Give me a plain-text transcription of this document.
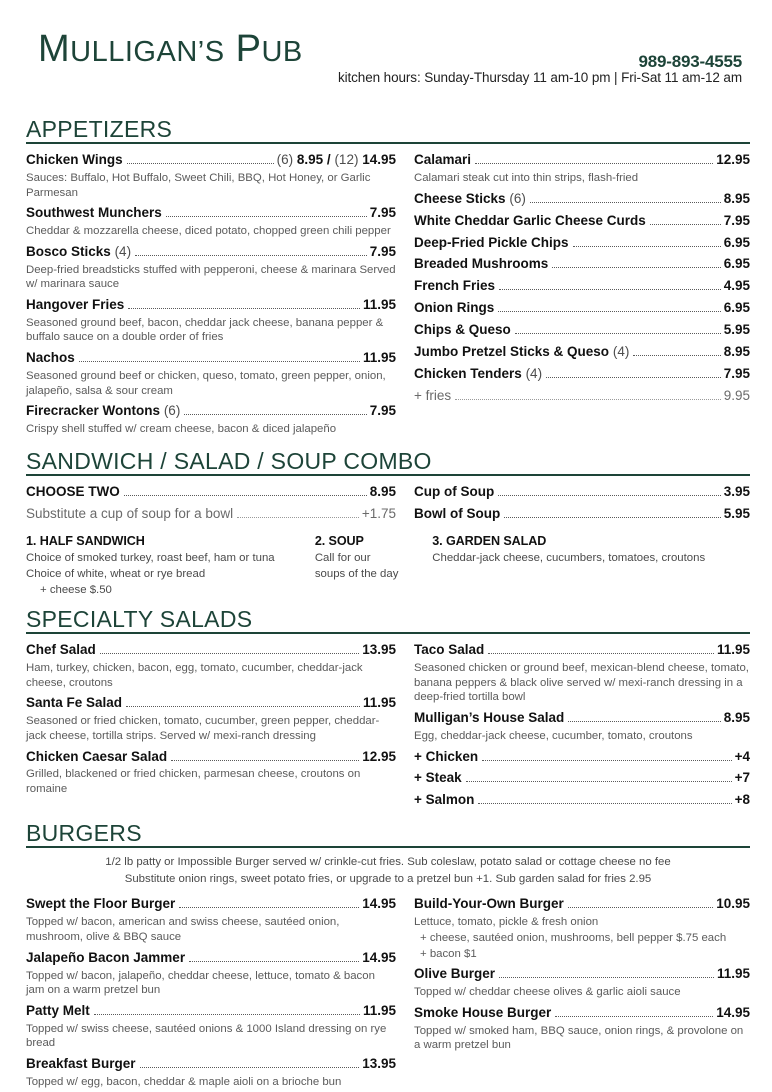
MULLIGAN’S PUB	989-893-4555
kitchen hours: Sunday-Thursday 11 am-10 pm | Fri-Sat 11 am-12 am
APPETIZERS
Chicken Wings	(6) 8.95 / (12) 14.95
Sauces: Buffalo, Hot Buffalo, Sweet Chili, BBQ, Hot Honey, or Garlic Parmesan
Southwest Munchers	7.95
Cheddar & mozzarella cheese, diced potato, chopped green chili pepper
Bosco Sticks (4)	7.95
Deep-fried breadsticks stuffed with pepperoni, cheese & marinara Served w/ marinara sauce
Hangover Fries	11.95
Seasoned ground beef, bacon, cheddar jack cheese, banana pepper & buffalo sauce on a double order of fries
Nachos	11.95
Seasoned ground beef or chicken, queso, tomato, green pepper, onion, jalapeño, salsa & sour cream
Firecracker Wontons (6)	7.95
Crispy shell stuffed w/ cream cheese, bacon & diced jalapeño
Calamari	12.95
Calamari steak cut into thin strips, flash-fried
Cheese Sticks (6)	8.95
White Cheddar Garlic Cheese Curds	7.95
Deep-Fried Pickle Chips	6.95
Breaded Mushrooms	6.95
French Fries	4.95
Onion Rings	6.95
Chips & Queso	5.95
Jumbo Pretzel Sticks & Queso (4)	8.95
Chicken Tenders (4)	7.95
+ fries	9.95
SANDWICH / SALAD / SOUP COMBO
CHOOSE TWO	8.95
Substitute a cup of soup for a bowl	+1.75
Cup of Soup	3.95
Bowl of Soup	5.95
1. HALF SANDWICH
Choice of smoked turkey, roast beef, ham or tuna
Choice of white, wheat or rye bread
+ cheese $.50
2. SOUP
Call for our
soups of the day
3. GARDEN SALAD
Cheddar-jack cheese, cucumbers, tomatoes, croutons
SPECIALTY SALADS
Chef Salad	13.95
Ham, turkey, chicken, bacon, egg, tomato, cucumber, cheddar-jack cheese, croutons
Santa Fe Salad	11.95
Seasoned or fried chicken, tomato, cucumber, green pepper, cheddar-jack cheese, tortilla strips. Served w/ mexi-ranch dressing
Chicken Caesar Salad	12.95
Grilled, blackened or fried chicken, parmesan cheese, croutons on romaine
Taco Salad	11.95
Seasoned chicken or ground beef, mexican-blend cheese, tomato, banana peppers & black olive served w/ mexi-ranch dressing in a deep-fried tortilla bowl
Mulligan’s House Salad	8.95
Egg, cheddar-jack cheese, cucumber, tomato, croutons
+ Chicken	+4
+ Steak	+7
+ Salmon	+8
BURGERS
1/2 lb patty or Impossible Burger served w/ crinkle-cut fries. Sub coleslaw, potato salad or cottage cheese no fee
Substitute onion rings, sweet potato fries, or upgrade to a pretzel bun +1. Sub garden salad for fries 2.95
Swept the Floor Burger	14.95
Topped w/ bacon, american and swiss cheese, sautéed onion, mushroom, olive & BBQ sauce
Jalapeño Bacon Jammer	14.95
Topped w/ bacon, jalapeño, cheddar cheese, lettuce, tomato & bacon jam on a warm pretzel bun
Patty Melt	11.95
Topped w/ swiss cheese, sautéed onions & 1000 Island dressing on rye bread
Breakfast Burger	13.95
Topped w/ egg, bacon, cheddar & maple aioli on a brioche bun
Build-Your-Own Burger	10.95
Lettuce, tomato, pickle & fresh onion
+ cheese, sautéed onion, mushrooms, bell pepper $.75 each
+ bacon $1
Olive Burger	11.95
Topped w/ cheddar cheese olives & garlic aioli sauce
Smoke House Burger	14.95
Topped w/ smoked ham, BBQ sauce, onion rings, & provolone on a warm pretzel bun
